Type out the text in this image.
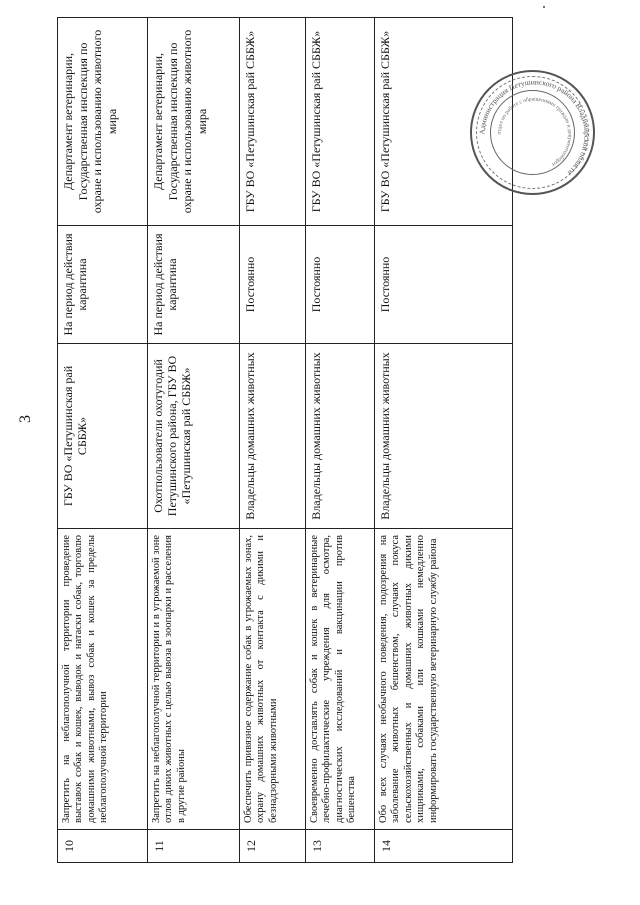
3
10	Запретить на неблагополучной территории проведение выставок собак и кошек, выводок и натаски собак, торговлю домашними животными, вывоз собак и кошек за пределы неблагополучной территории	ГБУ ВО «Петушинская рай СББЖ»	На период действия карантина	Департамент ветеринарии, Государственная инспекция по охране и использованию животного мира
11	Запретить на неблагополучной территории и в угрожаемой зоне отлов диких животных с целью вывоза в зоопарки и расселения в другие районы	Охотпользователи охотугодий Петушинского района, ГБУ ВО «Петушинская рай СББЖ»	На период действия карантина	Департамент ветеринарии, Государственная инспекция по охране и использованию животного мира
12	Обеспечить привязное содержание собак в угрожаемых зонах, охрану домашних животных от контакта с дикими и безнадзорными животными	Владельцы домашних животных	Постоянно	ГБУ ВО «Петушинская рай СББЖ»
13	Своевременно доставлять собак и кошек в ветеринарные лечебно-профилактические учреждения для осмотра, диагностических исследований и вакцинации против бешенства	Владельцы домашних животных	Постоянно	ГБУ ВО «Петушинская рай СББЖ»
14	Обо всех случаях необычного поведения, подозрения на заболевание животных бешенством, случаях покуса сельскохозяйственных и домашних животных дикими хищниками, собаками или кошками немедленно информировать государственную ветеринарную службу района	Владельцы домашних животных	Постоянно	ГБУ ВО «Петушинская рай СББЖ»	Администрация Петушинского района Владимирской области
отдел по работе с обращениями граждан и документооборот
